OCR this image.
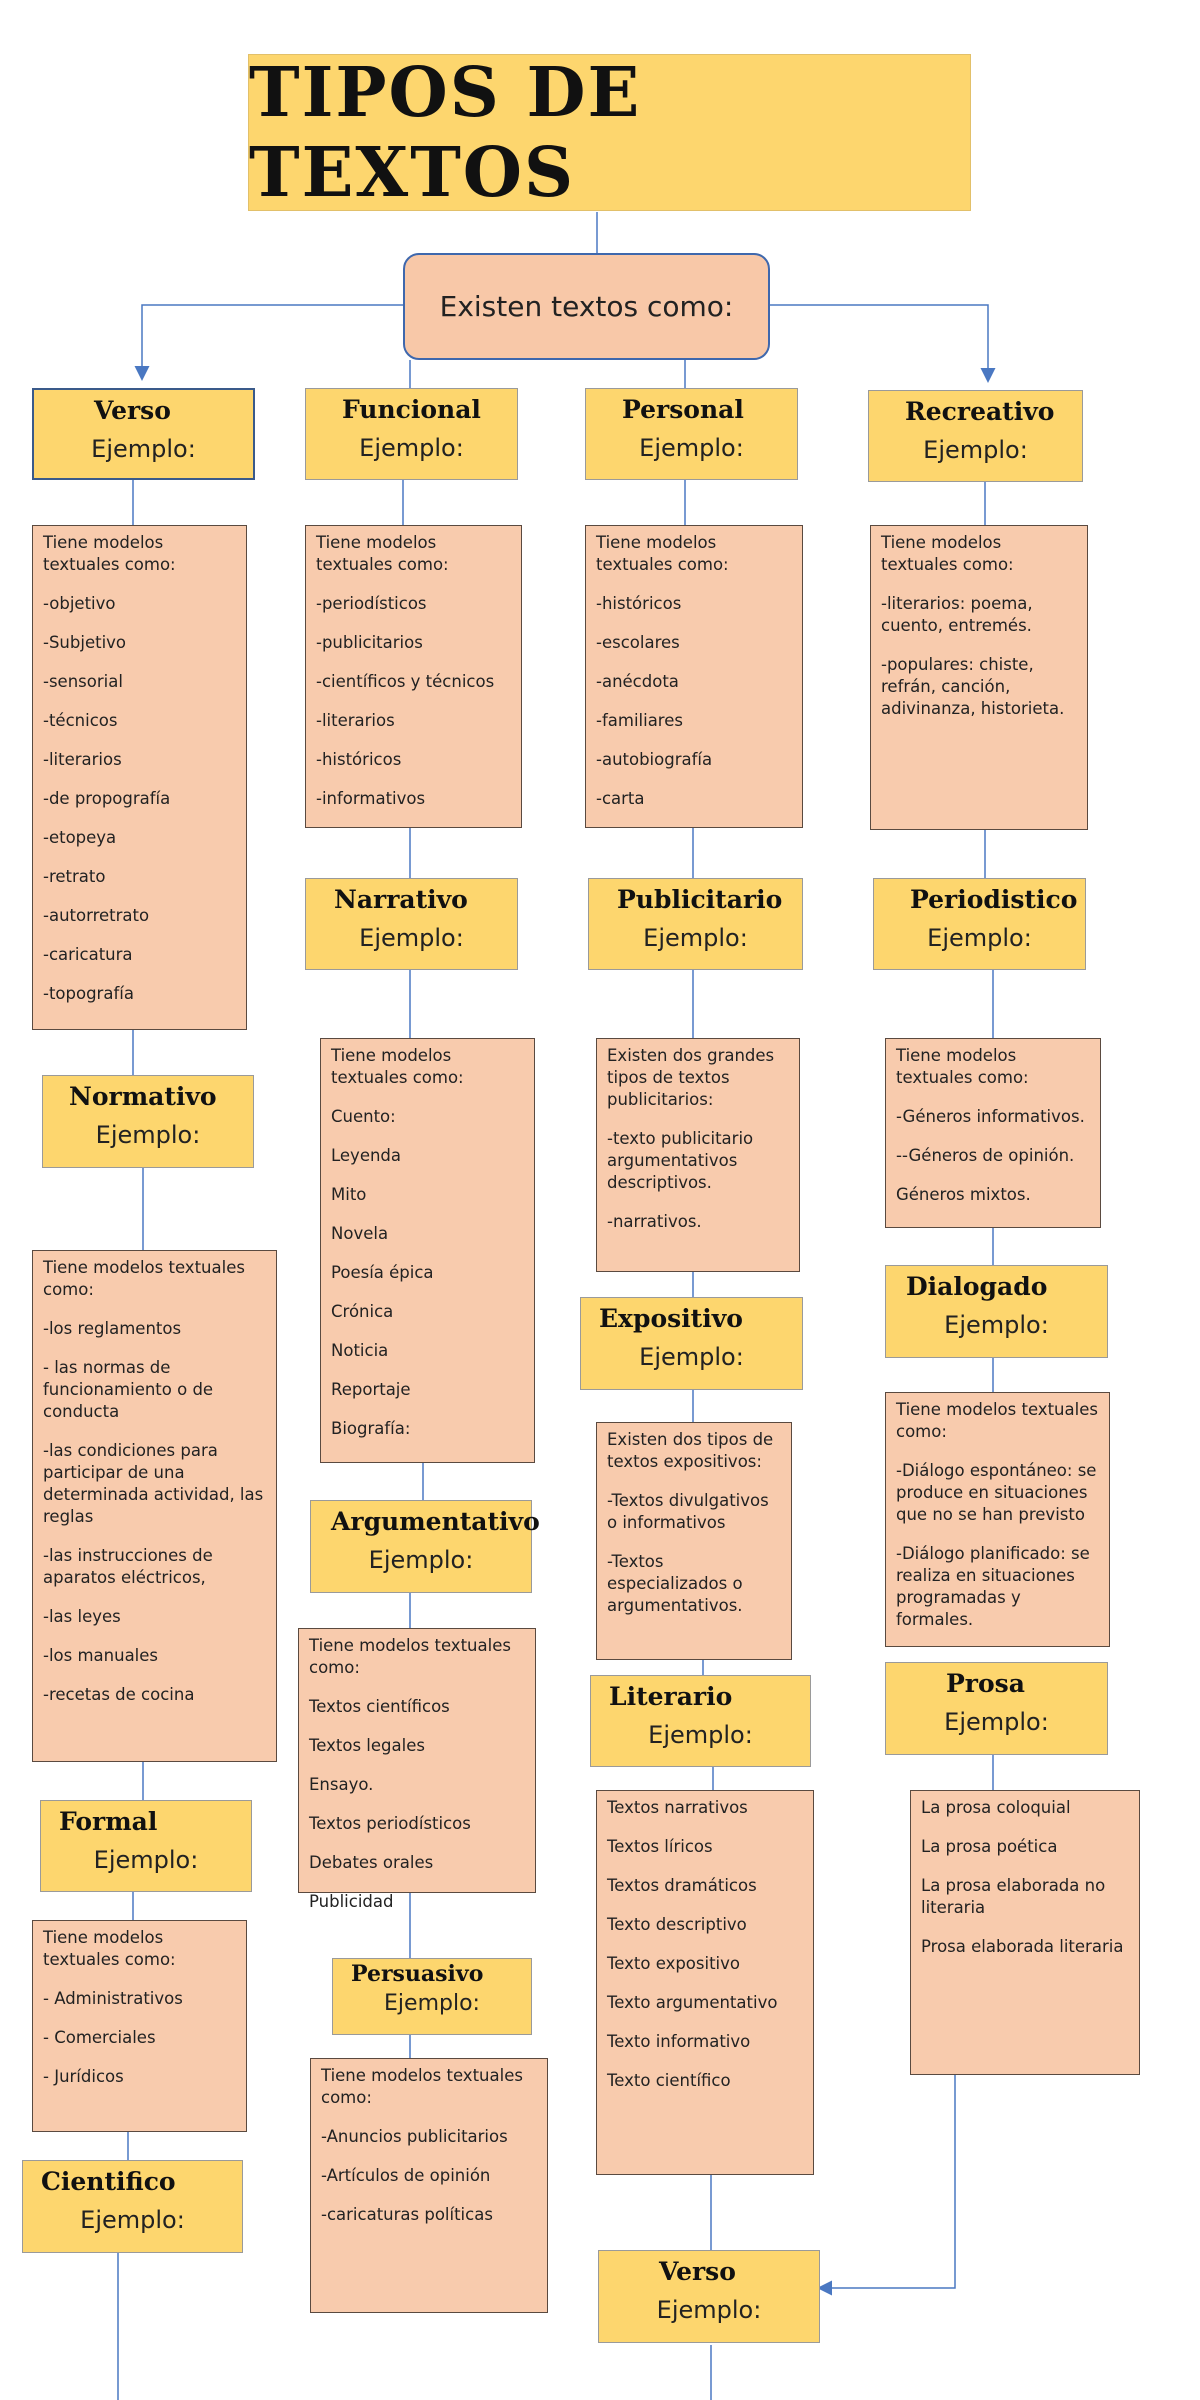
TIPOS DE TEXTOS
Existen textos como:
Verso
Ejemplo:
Funcional
Ejemplo:
Personal
Ejemplo:
Recreativo
Ejemplo:
Normativo
Ejemplo:
Narrativo
Ejemplo:
Publicitario
Ejemplo:
Periodistico
Ejemplo:
Expositivo
Ejemplo:
Dialogado
Ejemplo:
Argumentativo
Ejemplo:
Literario
Ejemplo:
Prosa
Ejemplo:
Formal
Ejemplo:
Persuasivo
Ejemplo:
Cientifico
Ejemplo:
Verso
Ejemplo:
Tiene modelos textuales como:
-objetivo
-Subjetivo
-sensorial
-técnicos
-literarios
-de propografía
-etopeya
-retrato
-autorretrato
-caricatura
-topografía
Tiene modelos textuales como:
-periodísticos
-publicitarios
-científicos y técnicos
-literarios
-históricos
-informativos
Tiene modelos textuales como:
-históricos
-escolares
-anécdota
-familiares
-autobiografía
-carta
Tiene modelos textuales como:
-literarios: poema, cuento, entremés.
-populares: chiste, refrán, canción, adivinanza, historieta.
Tiene modelos textuales como:
Cuento:
Leyenda
Mito
Novela
Poesía épica
Crónica
Noticia
Reportaje
Biografía:
Existen dos grandes tipos de textos publicitarios:
-texto publicitario argumentativos descriptivos.
-narrativos.
Tiene modelos textuales como:
-Géneros informativos.
--Géneros de opinión.
Géneros mixtos.
Tiene modelos textuales como:
-los reglamentos
- las normas de funcionamiento o de conducta
-las condiciones para participar de una determinada actividad, las reglas
-las instrucciones de aparatos eléctricos,
-las leyes
-los manuales
-recetas de cocina
Existen dos tipos de textos expositivos:
-Textos divulgativos o informativos
-Textos especializados o argumentativos.
Tiene modelos textuales como:
-Diálogo espontáneo: se produce en situaciones que no se han previsto
-Diálogo planificado: se realiza en situaciones programadas y formales.
Tiene modelos textuales como:
Textos científicos
Textos legales
Ensayo.
Textos periodísticos
Debates orales
Publicidad
Textos narrativos
Textos líricos
Textos dramáticos
Texto descriptivo
Texto expositivo
Texto argumentativo
Texto informativo
Texto científico
La prosa coloquial
La prosa poética
La prosa elaborada no literaria
Prosa elaborada literaria
Tiene modelos textuales como:
- Administrativos
- Comerciales
- Jurídicos	Tiene modelos textuales como:
-Anuncios publicitarios
-Artículos de opinión
-caricaturas políticas
